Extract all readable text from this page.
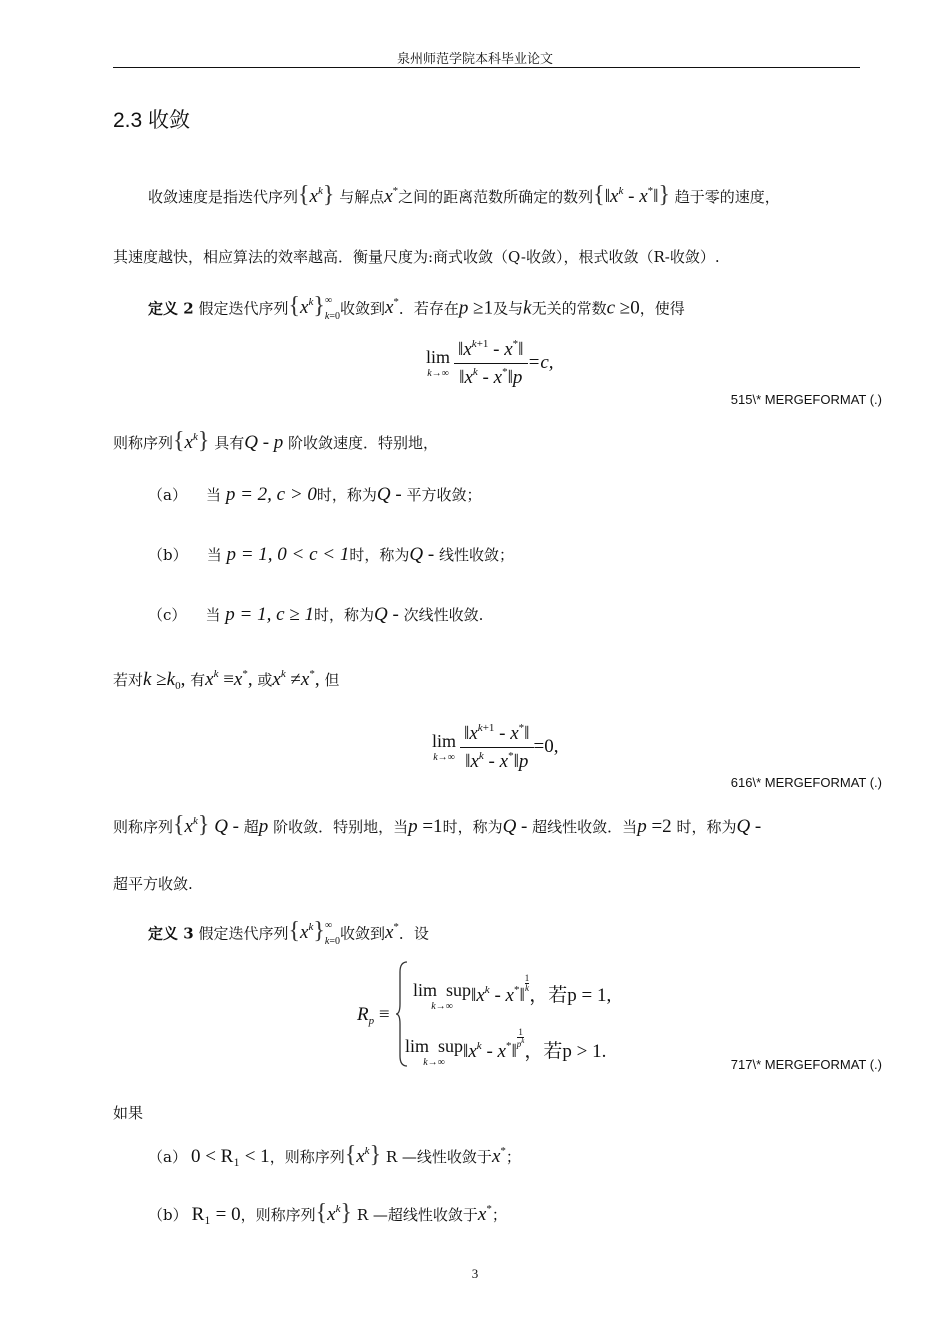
泉州师范学院本科毕业论文
2.3 收敛
收敛速度是指迭代序列$\{x^k\}$ 与解点x*之间的距离范数所确定的数列{$‖x^k$ - x*‖} 趋于零的速度，
其速度越快，相应算法的效率越高．衡量尺度为:商式收敛（Q-收敛），根式收敛（R-收敛）.
定义 2 假定迭代序列$\{x^k\}$ ∞
k=0 收敛到x*．若存在p ≥1及与k无关的常数c ≥0，使得
lim
$k\to\infty \frac{‖x^{k+1} - x^*‖}{‖x^k - x^*‖p} =c$,
515\* MERGEFORMAT (.)
则称序列$\{x^k\}$ 具有Q - p 阶收敛速度．特别地，
（a） 当 p = 2, c > 0时，称为Q - 平方收敛；
（b） 当 p = 1, 0 < c < 1时，称为Q - 线性收敛；
（c） 当 p = 1, c ≥ 1时，称为Q - 次线性收敛.
若对$k \ge k_0$, 有$x^k \equiv x^*$, 或$x^k \ne x^*$, 但
lim
$k\to\infty \frac{‖x^{k+1} - x^*‖}{‖x^k - x^*‖p} =0$,
616\* MERGEFORMAT (.)
则称序列$\{x^k\}$ Q - 超p 阶收敛．特别地，当p =1时，称为Q - 超线性收敛．当p =2 时，称为Q -
超平方收敛.
定义 3 假定迭代序列$\{x^k\}$ ∞
k=0 收敛到x*．设
$R_p$ ≡
lim  sup
k→∞
$‖x^k$ - x*‖
$\frac{1}{k}$
，若p = 1,
lim  sup
k→∞
$‖x^k$ - x*‖
$\frac{1}{p^k}$
，若p > 1.
717\* MERGEFORMAT (.)
如果
（a） 0 < R₁ < 1，则称序列$\{x^k\}$ R —线性收敛于x*；
（b） R₁ = 0，则称序列$\{x^k\}$ R —超线性收敛于x*；
3
